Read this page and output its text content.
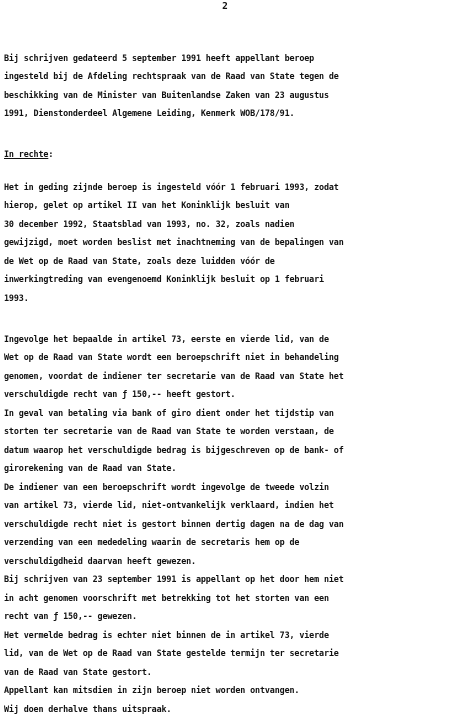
2
Bij schrijven gedateerd 5 september 1991 heeft appellant beroep
ingesteld bij de Afdeling rechtspraak van de Raad van State tegen de
beschikking van de Minister van Buitenlandse Zaken van 23 augustus
1991, Dienstonderdeel Algemene Leiding, Kenmerk WOB/178/91.
In rechte:
Het in geding zijnde beroep is ingesteld vóór 1 februari 1993, zodat
hierop, gelet op artikel II van het Koninklijk besluit van
30 december 1992, Staatsblad van 1993, no. 32, zoals nadien
gewijzigd, moet worden beslist met inachtneming van de bepalingen van
de Wet op de Raad van State, zoals deze luidden vóór de
inwerkingtreding van evengenoemd Koninklijk besluit op 1 februari
1993.
Ingevolge het bepaalde in artikel 73, eerste en vierde lid, van de
Wet op de Raad van State wordt een beroepschrift niet in behandeling
genomen, voordat de indiener ter secretarie van de Raad van State het
verschuldigde recht van ƒ 150,-- heeft gestort.
In geval van betaling via bank of giro dient onder het tijdstip van
storten ter secretarie van de Raad van State te worden verstaan, de
datum waarop het verschuldigde bedrag is bijgeschreven op de bank- of
girorekening van de Raad van State.
De indiener van een beroepschrift wordt ingevolge de tweede volzin
van artikel 73, vierde lid, niet-ontvankelijk verklaard, indien het
verschuldigde recht niet is gestort binnen dertig dagen na de dag van
verzending van een mededeling waarin de secretaris hem op de
verschuldigdheid daarvan heeft gewezen.
Bij schrijven van 23 september 1991 is appellant op het door hem niet
in acht genomen voorschrift met betrekking tot het storten van een
recht van ƒ 150,-- gewezen.
Het vermelde bedrag is echter niet binnen de in artikel 73, vierde
lid, van de Wet op de Raad van State gestelde termijn ter secretarie
van de Raad van State gestort.
Appellant kan mitsdien in zijn beroep niet worden ontvangen.
Wij doen derhalve thans uitspraak.
